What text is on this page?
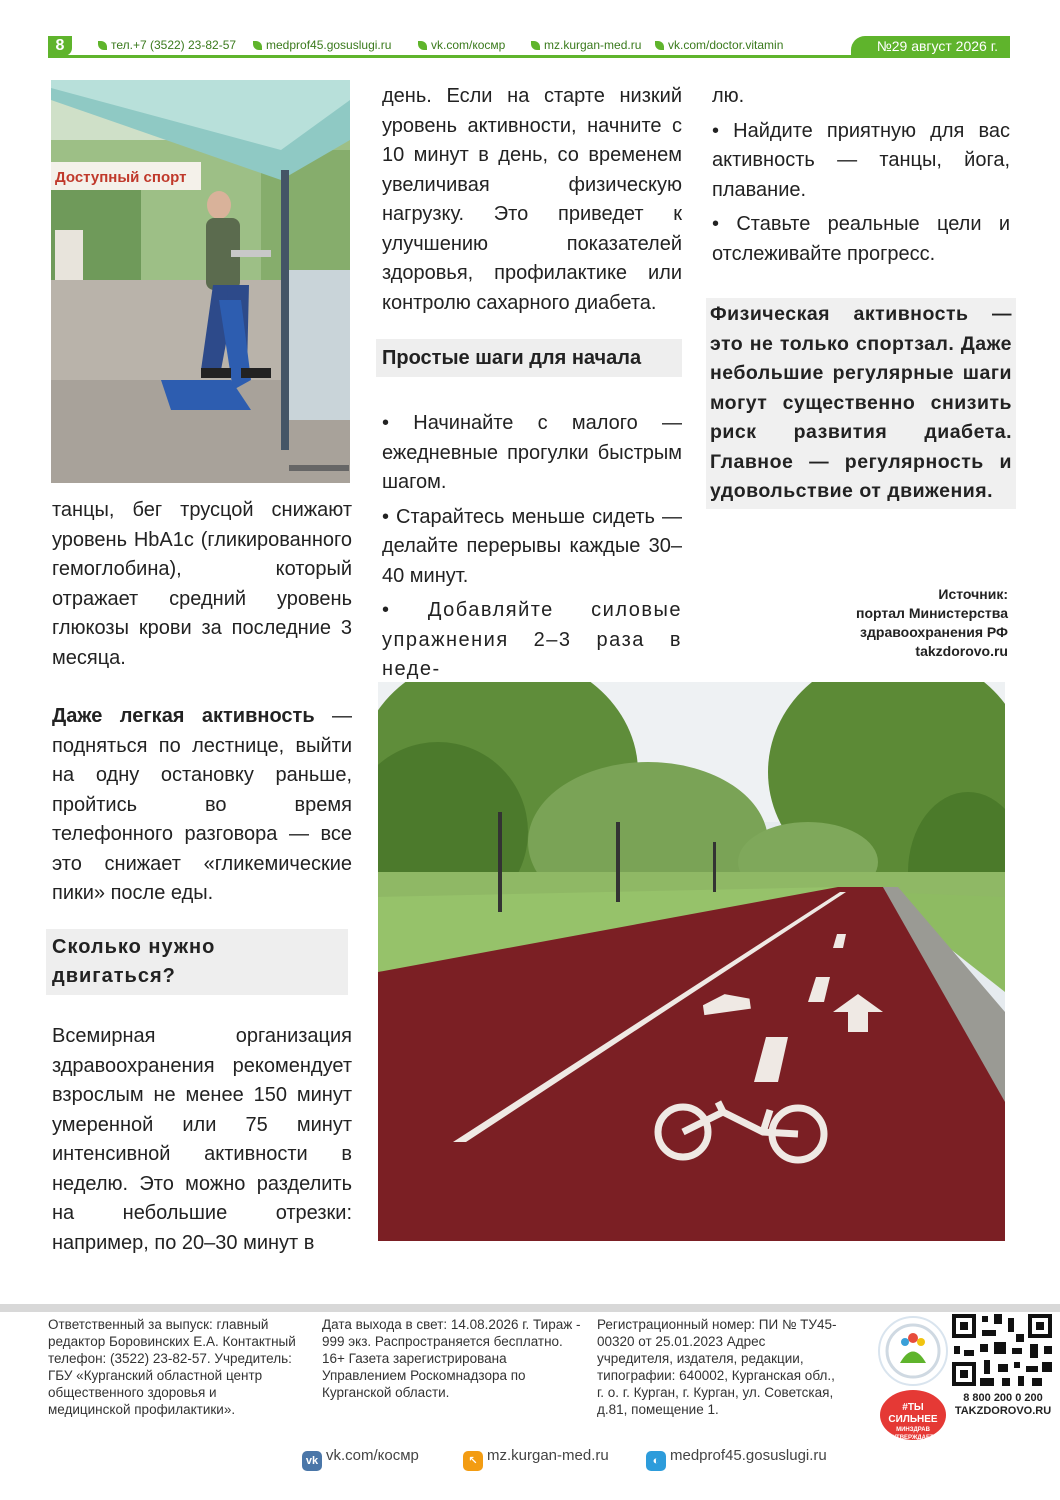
8	тел.+7 (3522) 23-82-57	medprof45.gosuslugi.ru	vk.com/космр	mz.kurgan-med.ru	vk.com/doctor.vitamin	№29 август 2026 г.
Доступный спорт

танцы, бег трусцой снижают уровень HbA1c (гликированного гемоглобина), который отражает средний уровень глюкозы крови за последние 3 месяца.

Даже легкая активность — подняться по лестнице, выйти на одну остановку раньше, пройтись во время телефонного разговора — все это снижает «гликемические пики» после еды.

Сколько нужно двигаться?

Всемирная организация здравоохранения рекомендует взрослым не менее 150 минут умеренной или 75 минут интенсивной активности в неделю. Это можно разделить на небольшие отрезки: например, по 20–30 минут в

день. Если на старте низкий уровень активности, начните с 10 минут в день, со временем увеличивая физическую нагрузку. Это приведет к улучшению показателей здоровья, профилактике или контролю сахарного диабета.

Простые шаги для начала

• Начинайте с малого — ежедневные прогулки быстрым шагом.

• Старайтесь меньше сидеть — делайте перерывы каждые 30–40 минут.

• Добавляйте силовые упражнения 2–3 раза в неде-

лю.

• Найдите приятную для вас активность — танцы, йога, плавание.

• Ставьте реальные цели и отслеживайте прогресс.

Физическая активность — это не только спортзал. Даже небольшие регулярные шаги могут существенно снизить риск развития диабета. Главное — регулярность и удовольствие от движения.
Источник:
портал Министерства
здравоохранения РФ
takzdorovo.ru
Ответственный за выпуск: главный редактор Боровинских Е.А. Контактный телефон: (3522) 23-82-57. Учредитель: ГБУ «Курганский областной центр общественного здоровья и медицинской профилактики».
Дата выхода в свет: 14.08.2026 г. Тираж - 999 экз. Распространяется бесплатно. 16+ Газета зарегистрирована Управлением Роскомнадзора по Курганской области.
Регистрационный номер: ПИ № ТУ45-00320 от 25.01.2023 Адрес учредителя, издателя, редакции, типографии: 640002, Курганская обл., г. о. г. Курган, г. Курган, ул. Советская, д.81, помещение 1.
vk vk.com/космр	↖ mz.kurgan-med.ru	◐ medprof45.gosuslugi.ru
#ТЫ СИЛЬНЕЕ
МИНЗДРАВ УТВЕРЖДАЕТ
8 800 200 0 200
TAKZDOROVO.RU
